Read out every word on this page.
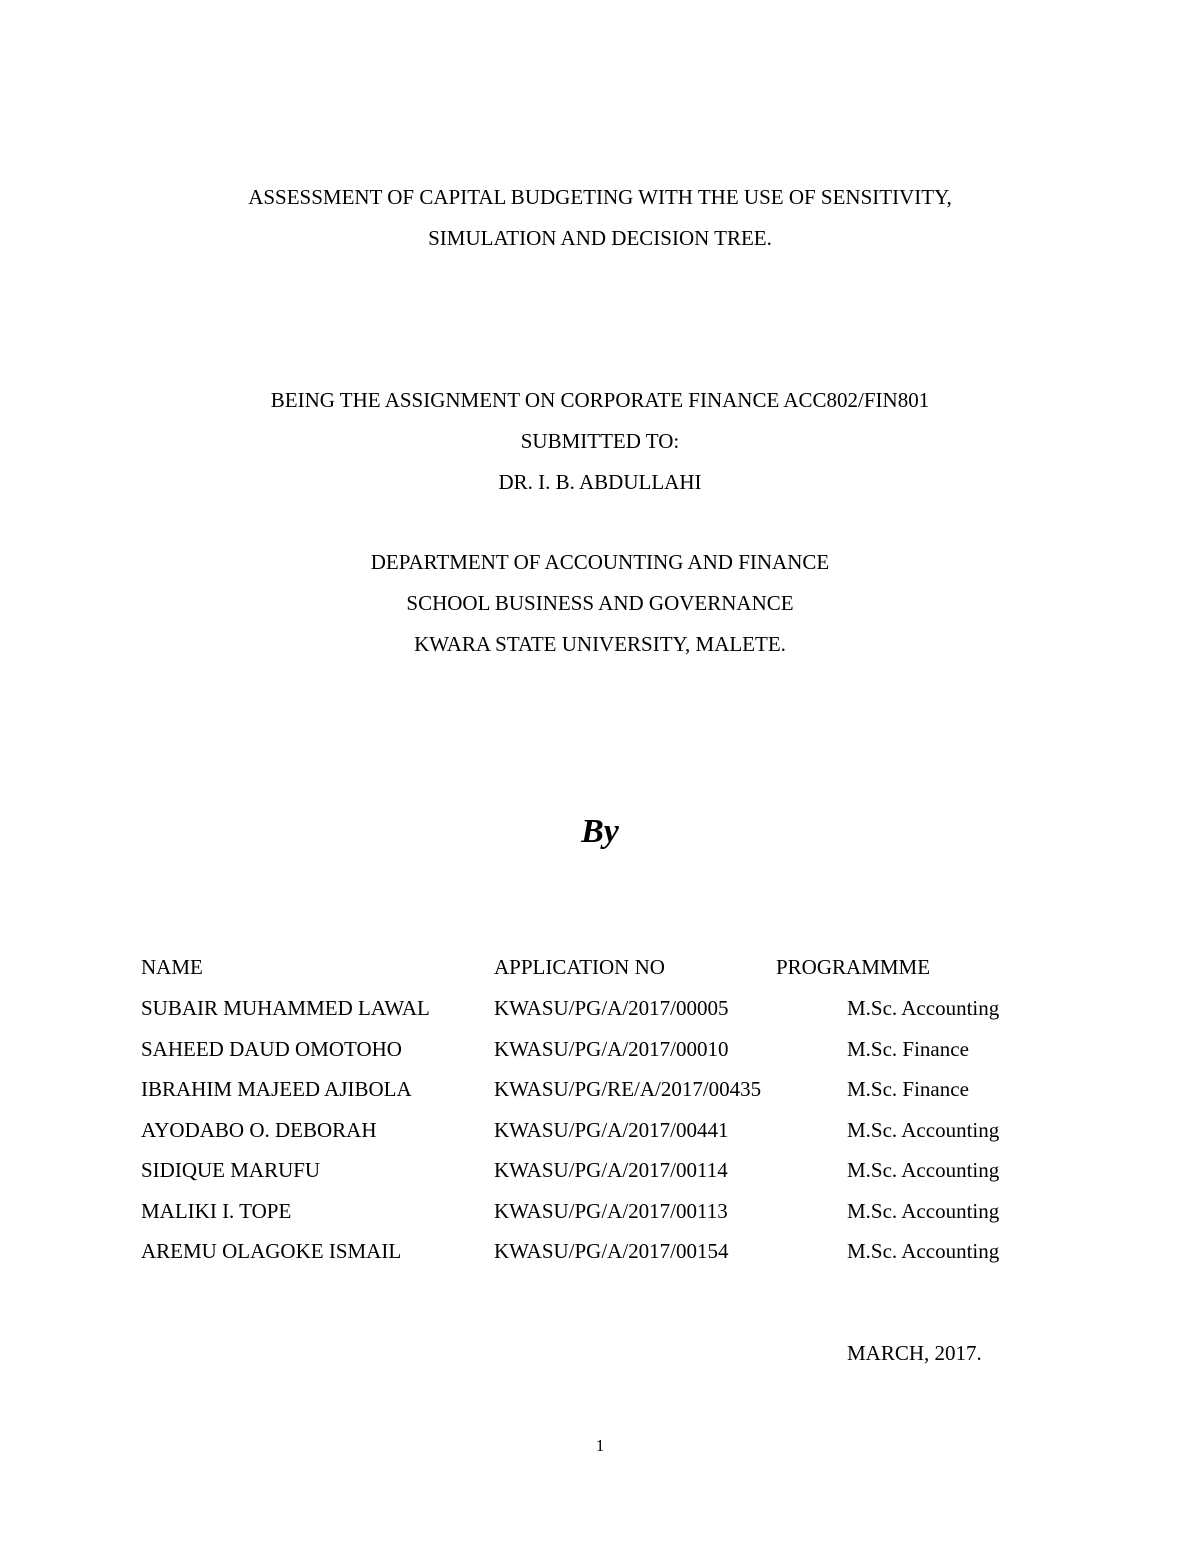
ASSESSMENT OF CAPITAL BUDGETING WITH THE USE OF SENSITIVITY,
SIMULATION AND DECISION TREE.
BEING THE ASSIGNMENT ON CORPORATE FINANCE ACC802/FIN801
SUBMITTED TO:
DR. I. B. ABDULLAHI
DEPARTMENT OF ACCOUNTING AND FINANCE
SCHOOL BUSINESS AND GOVERNANCE
KWARA STATE UNIVERSITY, MALETE.
By
NAME	APPLICATION NO	PROGRAMMME
SUBAIR MUHAMMED LAWAL	KWASU/PG/A/2017/00005	M.Sc. Accounting
SAHEED DAUD OMOTOHO	KWASU/PG/A/2017/00010	M.Sc. Finance
IBRAHIM MAJEED AJIBOLA	KWASU/PG/RE/A/2017/00435	M.Sc. Finance
AYODABO O. DEBORAH	KWASU/PG/A/2017/00441	M.Sc. Accounting
SIDIQUE MARUFU	KWASU/PG/A/2017/00114	M.Sc. Accounting
MALIKI I. TOPE	KWASU/PG/A/2017/00113	M.Sc. Accounting
AREMU OLAGOKE ISMAIL	KWASU/PG/A/2017/00154	M.Sc. Accounting
MARCH, 2017.
1
